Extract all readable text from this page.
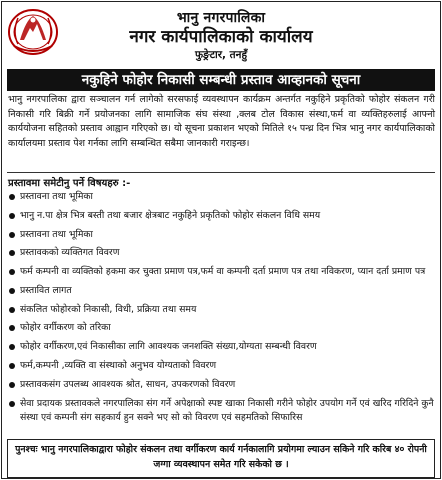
भानु नगरपालिका
नगर कार्यपालिकाको कार्यालय
फुङ्रेटार, तनहुँ
नकुहिने फोहोर निकासी सम्बन्धी प्रस्ताव आव्हानको सूचना

भानु नगरपालिका द्वारा सञ्चालन गर्न लागेको सरसफाई व्यवस्थापन कार्यक्रम अन्तर्गत नकुहिने प्रकृतिको फोहोर संकलन गरी निकासी गरि बिक्री गर्ने प्रयोजनका लागि सामाजिक संघ संस्था ,क्लब टोल विकास संस्था,फर्म वा व्यक्तिहरुलाई आफ्नो कार्ययोजना सहितको प्रस्ताव आह्वान गरिएको छ। यो सूचना प्रकाशन भएको मितिले १५ पन्ध्र दिन भित्र भानु नगर कार्यपालिकाको कार्यालयमा प्रस्ताव पेश गर्नका लागि सम्बन्धित सबैमा जानकारी गराइन्छ।

प्रस्तावमा समेटीनु पर्ने विषयहरु :-
प्रस्तावना तथा भूमिका
भानु न.पा क्षेत्र भित्र बस्ती तथा बजार क्षेत्रबाट नकुहिने प्रकृतिको फोहोर संकलन विधि समय
प्रस्तावना तथा भूमिका
प्रस्तावकको व्यक्तिगत विवरण
फर्म कम्पनी वा व्यक्तिको हकमा कर चुक्ता प्रमाण पत्र,फर्म वा कम्पनी दर्ता प्रमाण पत्र तथा नविकरण, प्यान दर्ता प्रमाण पत्र
प्रस्तावित लागत
संकलित फोहोरको निकासी, विधी, प्रक्रिया तथा समय
फोहोर वर्गीकरण को तरिका
फोहोर वर्गीकरण,एवं निकासीका लागि आवश्यक जनशक्ति संख्या,योग्यता सम्बन्धी विवरण
फर्म,कम्पनी ,व्यक्ति वा संस्थाको अनुभव योग्यताको विवरण
प्रस्तावकसंग उपलब्ध आवश्यक श्रोत, साधन, उपकरणको विवरण
सेवा प्रदायक प्रस्तावकले नगरपालिका संग गर्ने अपेक्षाको स्पष्ट खाका निकासी गरीने फोहोर उपयोग गर्ने एवं खरिद गरिदिने कुनै संस्था एवं कम्पनी संग सहकार्य हुन सक्ने भए सो को विवरण एवं सहमतिको सिफारिस
पुनश्चः भानु नगरपालिकाद्वारा फोहोर संकलन तथा वर्गीकरण कार्य गर्नकालागि प्रयोगमा ल्याउन सकिने गरि करिब ४० रोपनी जग्गा व्यवस्थापन समेत गरि सकेको छ ।
